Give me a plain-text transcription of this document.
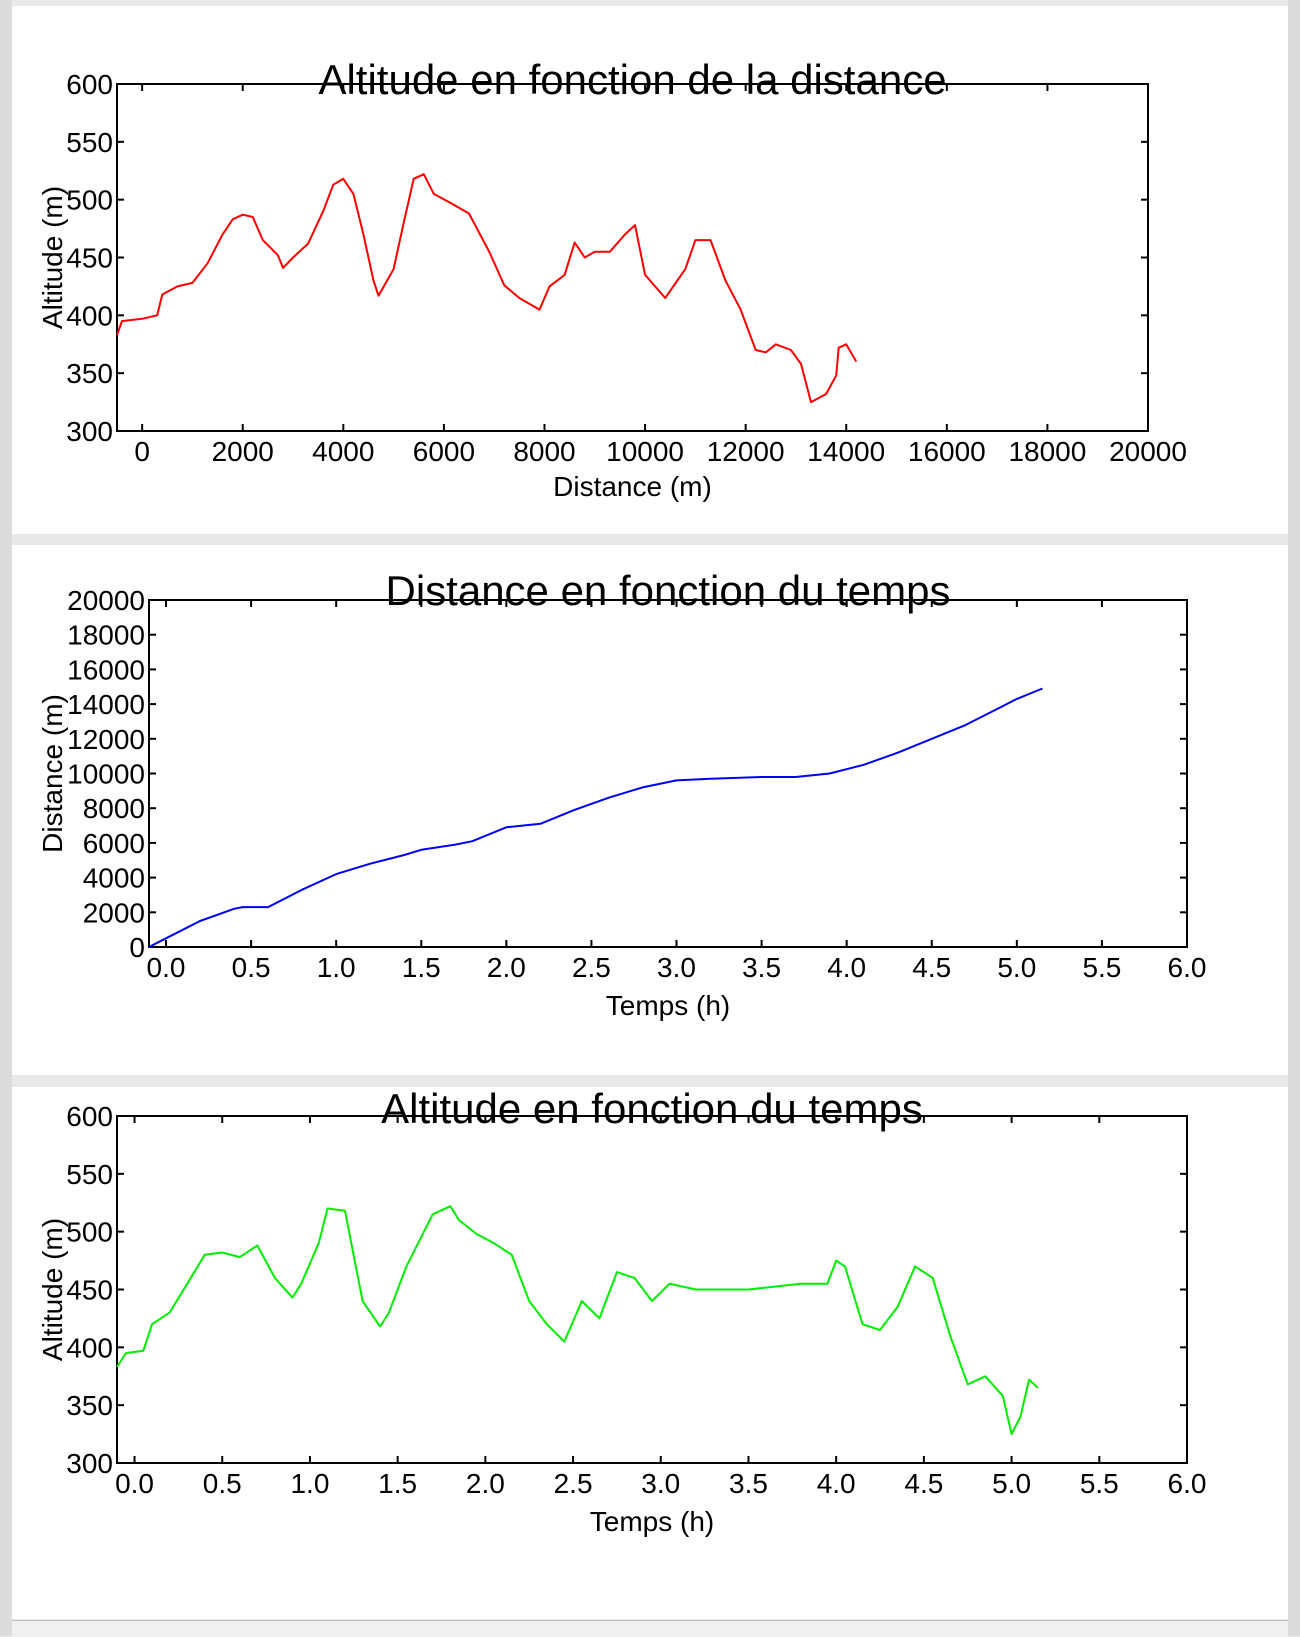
Altitude en fonction de la distance
0 2000 4000 6000 8000 10000 12000 14000 16000 18000 20000
300
350
400
450
500
550
600
Distance (m)
Altitude (m)
Distance en fonction du temps
0.0 0.5 1.0 1.5 2.0 2.5 3.0 3.5 4.0 4.5 5.0 5.5 6.0
0
2000
4000
6000
8000
10000
12000
14000
16000
18000
20000
Temps (h)
Distance (m)
Altitude en fonction du temps
0.0 0.5 1.0 1.5 2.0 2.5 3.0 3.5 4.0 4.5 5.0 5.5 6.0
300
350
400
450
500
550
600
Temps (h)
Altitude (m)
